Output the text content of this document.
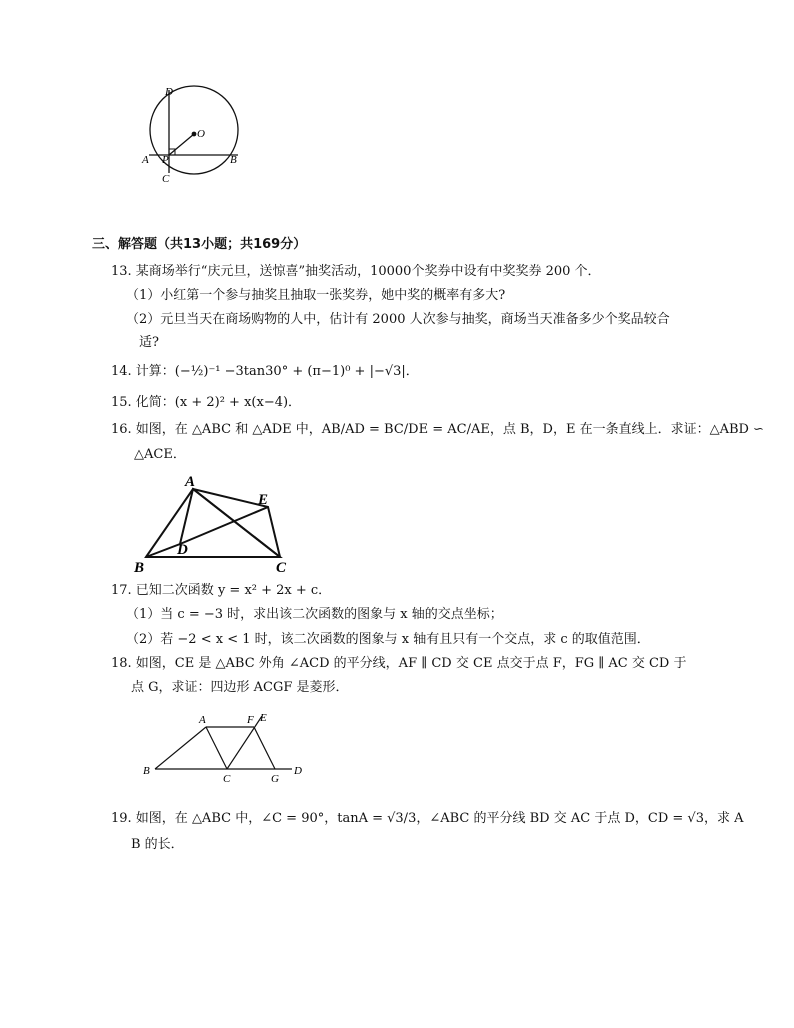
D
O
A P	B
C
三、解答题（共13小题；共169分）
13. 某商场举行“庆元旦，送惊喜”抽奖活动，10000个奖券中设有中奖奖券 200 个．
（1）小红第一个参与抽奖且抽取一张奖券，她中奖的概率有多大?
（2）元旦当天在商场购物的人中，估计有 2000 人次参与抽奖，商场当天准备多少个奖品较合
适?
14. 计算：(−½)⁻¹ −3tan30° + (π−1)⁰ + |−√3|．
15. 化简：(x + 2)² + x(x−4)．
16. 如图，在 △ABC 和 △ADE 中，AB/AD = BC/DE = AC/AE，点 B，D，E 在一条直线上．求证：△ABD ∽
△ACE．
A
E
D
B	C
17. 已知二次函数 y = x² + 2x + c．
（1）当 c = −3 时，求出该二次函数的图象与 x 轴的交点坐标；
（2）若 −2 < x < 1 时，该二次函数的图象与 x 轴有且只有一个交点，求 c 的取值范围．
18. 如图，CE 是 △ABC 外角 ∠ACD 的平分线，AF ∥ CD 交 CE 点交于点 F，FG ∥ AC 交 CD 于
点 G，求证：四边形 ACGF 是菱形．
A	F E
B
C	G
D
19. 如图，在 △ABC 中，∠C = 90°，tanA = √3/3，∠ABC 的平分线 BD 交 AC 于点 D，CD = √3，求 A
B 的长．
